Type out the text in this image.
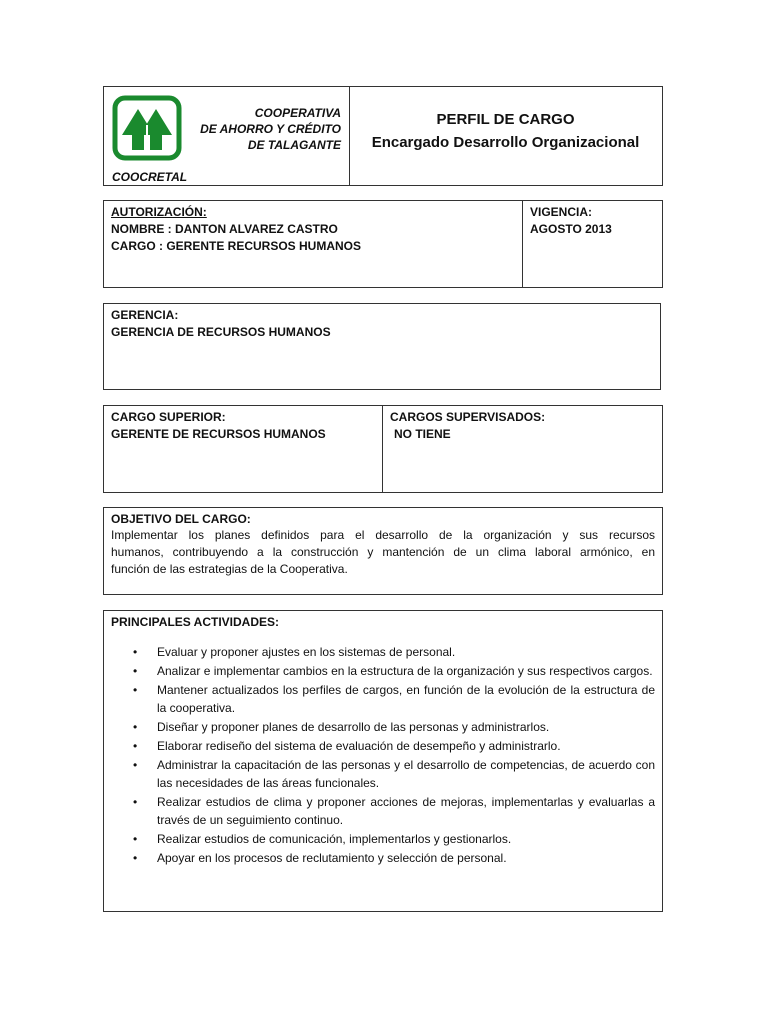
COOPERATIVA
DE AHORRO Y CRÉDITO
DE TALAGANTE
COOCRETAL
PERFIL DE CARGO
Encargado Desarrollo Organizacional
AUTORIZACIÓN:
NOMBRE : DANTON ALVAREZ CASTRO
CARGO : GERENTE RECURSOS HUMANOS
VIGENCIA:
AGOSTO 2013
GERENCIA:
GERENCIA DE RECURSOS HUMANOS
CARGO SUPERIOR:
GERENTE DE RECURSOS HUMANOS
CARGOS SUPERVISADOS:
NO TIENE
OBJETIVO DEL CARGO:
Implementar los planes definidos para el desarrollo de la organización y sus recursos
humanos, contribuyendo a la construcción y mantención de un clima laboral armónico, en
función de las estrategias de la Cooperativa.
PRINCIPALES ACTIVIDADES:
• Evaluar y proponer ajustes en los sistemas de personal.
• Analizar e implementar cambios en la estructura de la organización y sus respectivos cargos.
• Mantener actualizados los perfiles de cargos, en función de la evolución de la estructura de la cooperativa.
• Diseñar y proponer planes de desarrollo de las personas y administrarlos.
• Elaborar rediseño del sistema de evaluación de desempeño y administrarlo.
• Administrar la capacitación de las personas y el desarrollo de competencias, de acuerdo con las necesidades de las áreas funcionales.
• Realizar estudios de clima y proponer acciones de mejoras, implementarlas y evaluarlas a través de un seguimiento continuo.
• Realizar estudios de comunicación, implementarlos y gestionarlos.
• Apoyar en los procesos de reclutamiento y selección de personal.
